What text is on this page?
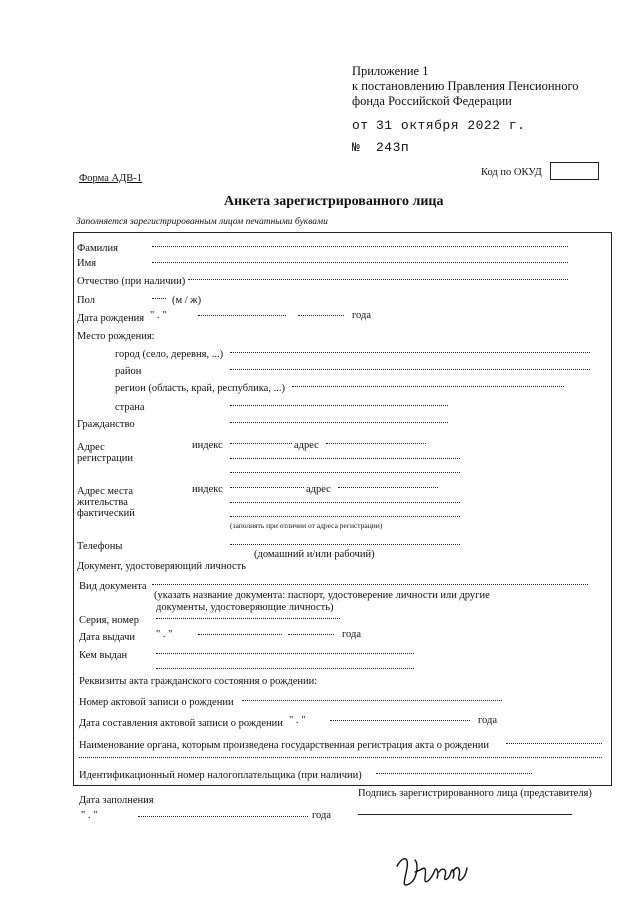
Приложение 1
к постановлению Правления Пенсионного
фонда Российской Федерации
от 31 октября 2022 г.
№ 243п
Форма АДВ-1
Код по ОКУД
Анкета зарегистрированного лица
Заполняется зарегистрированным лицом печатными буквами
Фамилия
Имя
Отчество (при наличии)
Пол	(м / ж)
Дата рождения " . "	года
Место рождения:
город (село, деревня, ...)
район
регион (область, край, республика, ...)
страна
Гражданство
Адрес
регистрации
индекс	адрес
Адрес места
жительства
фактический
индекс	адрес
(заполнять при отличии от адреса регистрации)
Телефоны
(домашний и/или рабочий)
Документ, удостоверяющий личность
Вид документа
(указать название документа: паспорт, удостоверение личности или другие
документы, удостоверяющие личность)
Серия, номер
Дата выдачи " . "	года
Кем выдан
Реквизиты акта гражданского состояния о рождении:
Номер актовой записи о рождении
Дата составления актовой записи о рождении " . "	года
Наименование органа, которым произведена государственная регистрация акта о рождении
Идентификационный номер налогоплательщика (при наличии)
Дата заполнения
" . "	года
Подпись зарегистрированного лица (представителя)
